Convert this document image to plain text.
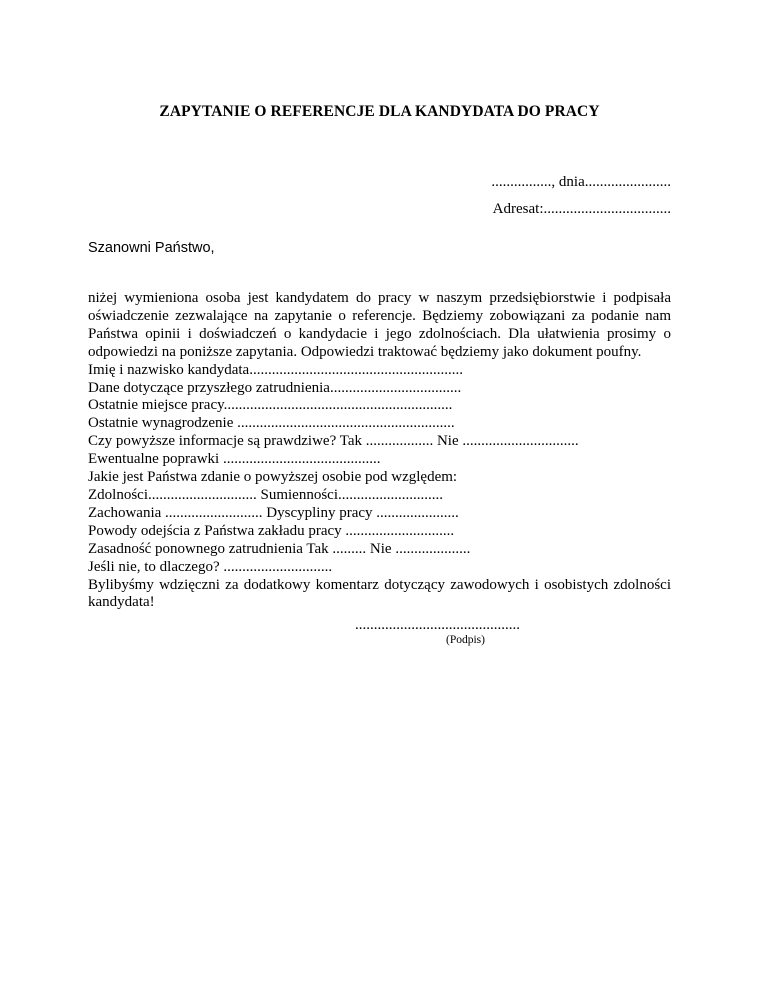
ZAPYTANIE O REFERENCJE DLA KANDYDATA DO PRACY
................, dnia.......................
Adresat:..................................
Szanowni Państwo,

niżej wymieniona osoba jest kandydatem do pracy w naszym przedsiębiorstwie i podpisała oświadczenie zezwalające na zapytanie o referencje. Będziemy zobowiązani za podanie nam Państwa opinii i doświadczeń o kandydacie i jego zdolnościach. Dla ułatwienia prosimy o odpowiedzi na poniższe zapytania. Odpowiedzi traktować będziemy jako dokument poufny.

Imię i nazwisko kandydata.........................................................

Dane dotyczące przyszłego zatrudnienia...................................

Ostatnie miejsce pracy.............................................................

Ostatnie wynagrodzenie ..........................................................

Czy powyższe informacje są prawdziwe? Tak .................. Nie ...............................

Ewentualne poprawki ..........................................

Jakie jest Państwa zdanie o powyższej osobie pod względem:

Zdolności............................. Sumienności............................

Zachowania .......................... Dyscypliny pracy ......................

Powody odejścia z Państwa zakładu pracy .............................

Zasadność ponownego zatrudnienia Tak ......... Nie ....................

Jeśli nie, to dlaczego? .............................

Bylibyśmy wdzięczni za dodatkowy komentarz dotyczący zawodowych i osobistych zdolności kandydata!

............................................
(Podpis)
